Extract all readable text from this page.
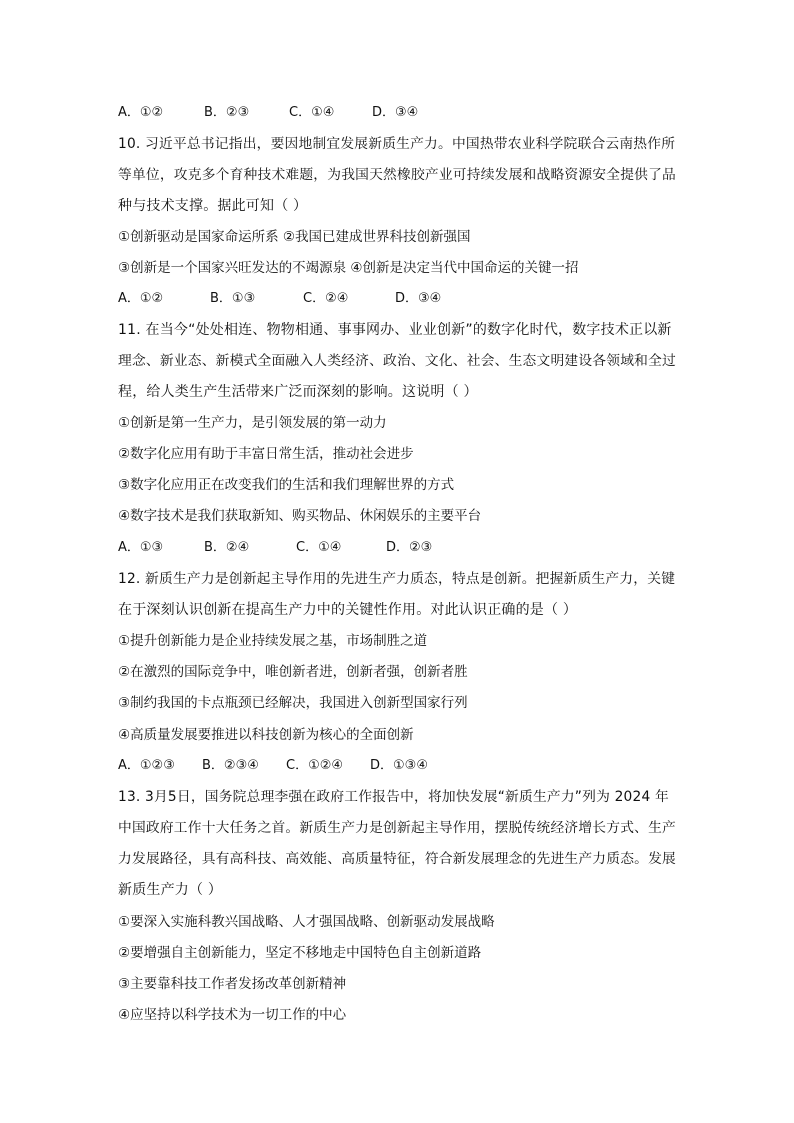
A．①②	B．②③	C．①④	D．③④
10. 习近平总书记指出，要因地制宜发展新质生产力。中国热带农业科学院联合云南热作所
等单位，攻克多个育种技术难题，为我国天然橡胶产业可持续发展和战略资源安全提供了品
种与技术支撑。据此可知（ ）
①创新驱动是国家命运所系 ②我国已建成世界科技创新强国
③创新是一个国家兴旺发达的不竭源泉 ④创新是决定当代中国命运的关键一招
A．①②	B．①③	C．②④	D．③④
11. 在当今“处处相连、物物相通、事事网办、业业创新”的数字化时代，数字技术正以新
理念、新业态、新模式全面融入人类经济、政治、文化、社会、生态文明建设各领域和全过
程，给人类生产生活带来广泛而深刻的影响。这说明（ ）
①创新是第一生产力，是引领发展的第一动力
②数字化应用有助于丰富日常生活，推动社会进步
③数字化应用正在改变我们的生活和我们理解世界的方式
④数字技术是我们获取新知、购买物品、休闲娱乐的主要平台
A．①③	B．②④	C．①④	D．②③
12. 新质生产力是创新起主导作用的先进生产力质态，特点是创新。把握新质生产力，关键
在于深刻认识创新在提高生产力中的关键性作用。对此认识正确的是（ ）
①提升创新能力是企业持续发展之基，市场制胜之道
②在激烈的国际竞争中，唯创新者进，创新者强，创新者胜
③制约我国的卡点瓶颈已经解决，我国进入创新型国家行列
④高质量发展要推进以科技创新为核心的全面创新
A．①②③ B．②③④ C．①②④ D．①③④
13. 3月5日，国务院总理李强在政府工作报告中，将加快发展“新质生产力”列为 2024 年
中国政府工作十大任务之首。新质生产力是创新起主导作用，摆脱传统经济增长方式、生产
力发展路径，具有高科技、高效能、高质量特征，符合新发展理念的先进生产力质态。发展
新质生产力（ ）
①要深入实施科教兴国战略、人才强国战略、创新驱动发展战略
②要增强自主创新能力，坚定不移地走中国特色自主创新道路
③主要靠科技工作者发扬改革创新精神
④应坚持以科学技术为一切工作的中心
